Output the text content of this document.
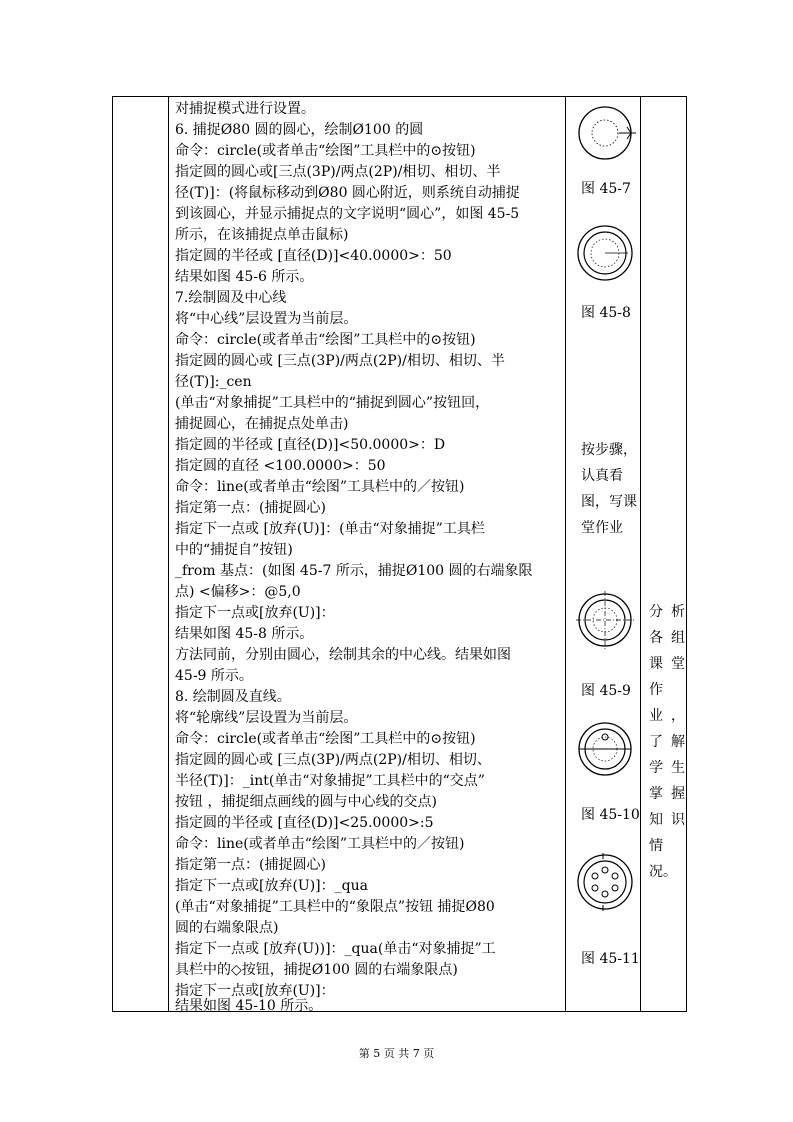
对捕捉模式进行设置。
6. 捕捉Ø80 圆的圆心，绘制Ø100 的圆
命令：circle(或者单击“绘图”工具栏中的⊙按钮)
指定圆的圆心或[三点(3P)/两点(2P)/相切、相切、半
径(T)]：(将鼠标移动到Ø80 圆心附近，则系统自动捕捉
到该圆心，并显示捕捉点的文字说明“圆心”，如图 45-5
所示，在该捕捉点单击鼠标)
指定圆的半径或 [直径(D)]<40.0000>：50
结果如图 45-6 所示。
7.绘制圆及中心线
将“中心线”层设置为当前层。
命令：circle(或者单击“绘图”工具栏中的⊙按钮)
指定圆的圆心或 [三点(3P)/两点(2P)/相切、相切、半
径(T)]:_cen
(单击“对象捕捉”工具栏中的“捕捉到圆心”按钮回，
捕捉圆心，在捕捉点处单击)
指定圆的半径或 [直径(D)]<50.0000>：D
指定圆的直径 <100.0000>：50
命令：line(或者单击“绘图”工具栏中的／按钮)
指定第一点：(捕捉圆心)
指定下一点或 [放弃(U)]：(单击“对象捕捉”工具栏
中的“捕捉自”按钮)
_from 基点：(如图 45-7 所示，捕捉Ø100 圆的右端象限
点) <偏移>：@5,0
指定下一点或[放弃(U)]：
结果如图 45-8 所示。
方法同前，分别由圆心，绘制其余的中心线。结果如图
45-9 所示。
8. 绘制圆及直线。
将“轮廓线”层设置为当前层。
命令：circle(或者单击“绘图”工具栏中的⊙按钮)
指定圆的圆心或 [三点(3P)/两点(2P)/相切、相切、
半径(T)]：_int(单击“对象捕捉”工具栏中的“交点”
按钮 ，捕捉细点画线的圆与中心线的交点)
指定圆的半径或 [直径(D)]<25.0000>:5
命令：line(或者单击“绘图”工具栏中的／按钮)
指定第一点：(捕捉圆心)
指定下一点或[放弃(U)]：_qua
(单击“对象捕捉”工具栏中的“象限点”按钮 捕捉Ø80
圆的右端象限点)
指定下一点或 [放弃(U))]：_qua(单击“对象捕捉”工
具栏中的◇按钮，捕捉Ø100 圆的右端象限点)
指定下一点或[放弃(U)]：
结果如图 45-10 所示。
图 45-7
图 45-8
按步骤，
认真看
图，写课
堂作业
图 45-9
图 45-10
图 45-11
分析
各组
课堂
作
业，
了解
学生
掌握
知识
情
况。
第 5 页 共 7 页
